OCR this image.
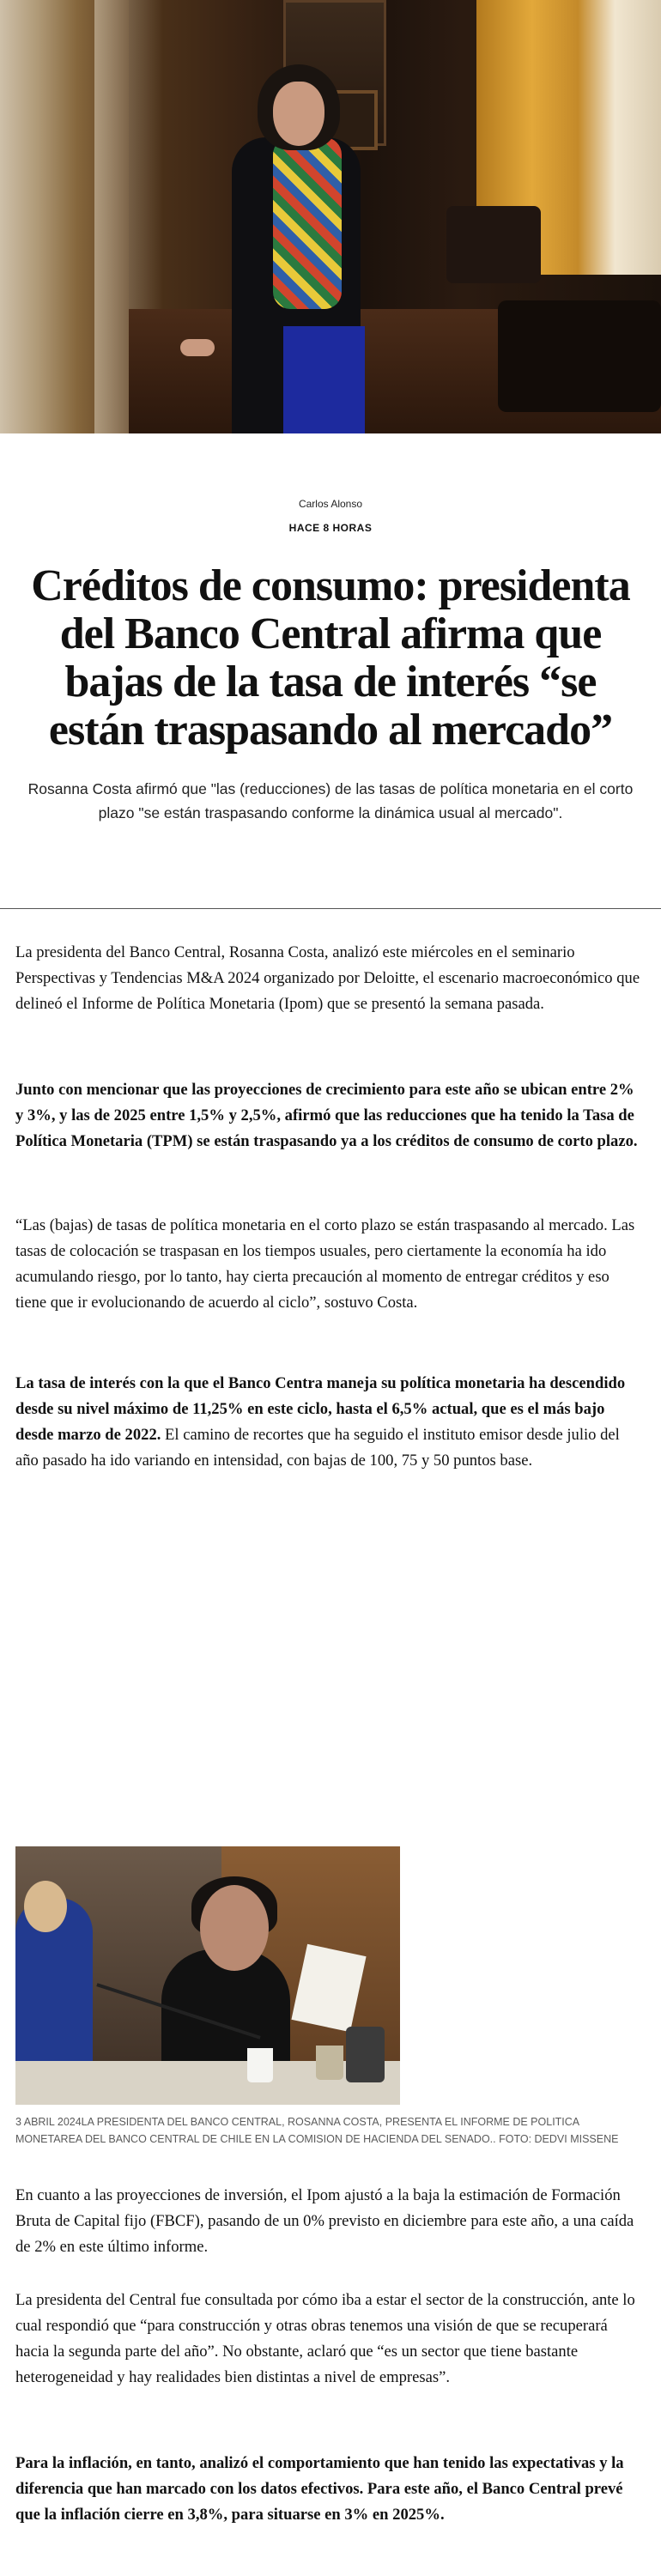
Carlos Alonso
HACE 8 HORAS
Créditos de consumo: presidenta del Banco Central afirma que bajas de la tasa de interés “se están traspasando al mercado”

Rosanna Costa afirmó que "las (reducciones) de las tasas de política monetaria en el corto plazo "se están traspasando conforme la dinámica usual al mercado".

La presidenta del Banco Central, Rosanna Costa, analizó este miércoles en el seminario Perspectivas y Tendencias M&A 2024 organizado por Deloitte, el escenario macroeconómico que delineó el Informe de Política Monetaria (Ipom) que se presentó la semana pasada.

Junto con mencionar que las proyecciones de crecimiento para este año se ubican entre 2% y 3%, y las de 2025 entre 1,5% y 2,5%, afirmó que las reducciones que ha tenido la Tasa de Política Monetaria (TPM) se están traspasando ya a los créditos de consumo de corto plazo.

“Las (bajas) de tasas de política monetaria en el corto plazo se están traspasando al mercado. Las tasas de colocación se traspasan en los tiempos usuales, pero ciertamente la economía ha ido acumulando riesgo, por lo tanto, hay cierta precaución al momento de entregar créditos y eso tiene que ir evolucionando de acuerdo al ciclo”, sostuvo Costa.

La tasa de interés con la que el Banco Centra maneja su política monetaria ha descendido desde su nivel máximo de 11,25% en este ciclo, hasta el 6,5% actual, que es el más bajo desde marzo de 2022. El camino de recortes que ha seguido el instituto emisor desde julio del año pasado ha ido variando en intensidad, con bajas de 100, 75 y 50 puntos base.

3 ABRIL 2024LA PRESIDENTA DEL BANCO CENTRAL, ROSANNA COSTA, PRESENTA EL INFORME DE POLITICA MONETAREA DEL BANCO CENTRAL DE CHILE EN LA COMISION DE HACIENDA DEL SENADO.. FOTO: DEDVI MISSENE

En cuanto a las proyecciones de inversión, el Ipom ajustó a la baja la estimación de Formación Bruta de Capital fijo (FBCF), pasando de un 0% previsto en diciembre para este año, a una caída de 2% en este último informe.

La presidenta del Central fue consultada por cómo iba a estar el sector de la construcción, ante lo cual respondió que “para construcción y otras obras tenemos una visión de que se recuperará hacia la segunda parte del año”. No obstante, aclaró que “es un sector que tiene bastante heterogeneidad y hay realidades bien distintas a nivel de empresas”.

Para la inflación, en tanto, analizó el comportamiento que han tenido las expectativas y la diferencia que han marcado con los datos efectivos. Para este año, el Banco Central prevé que la inflación cierre en 3,8%, para situarse en 3% en 2025%.
